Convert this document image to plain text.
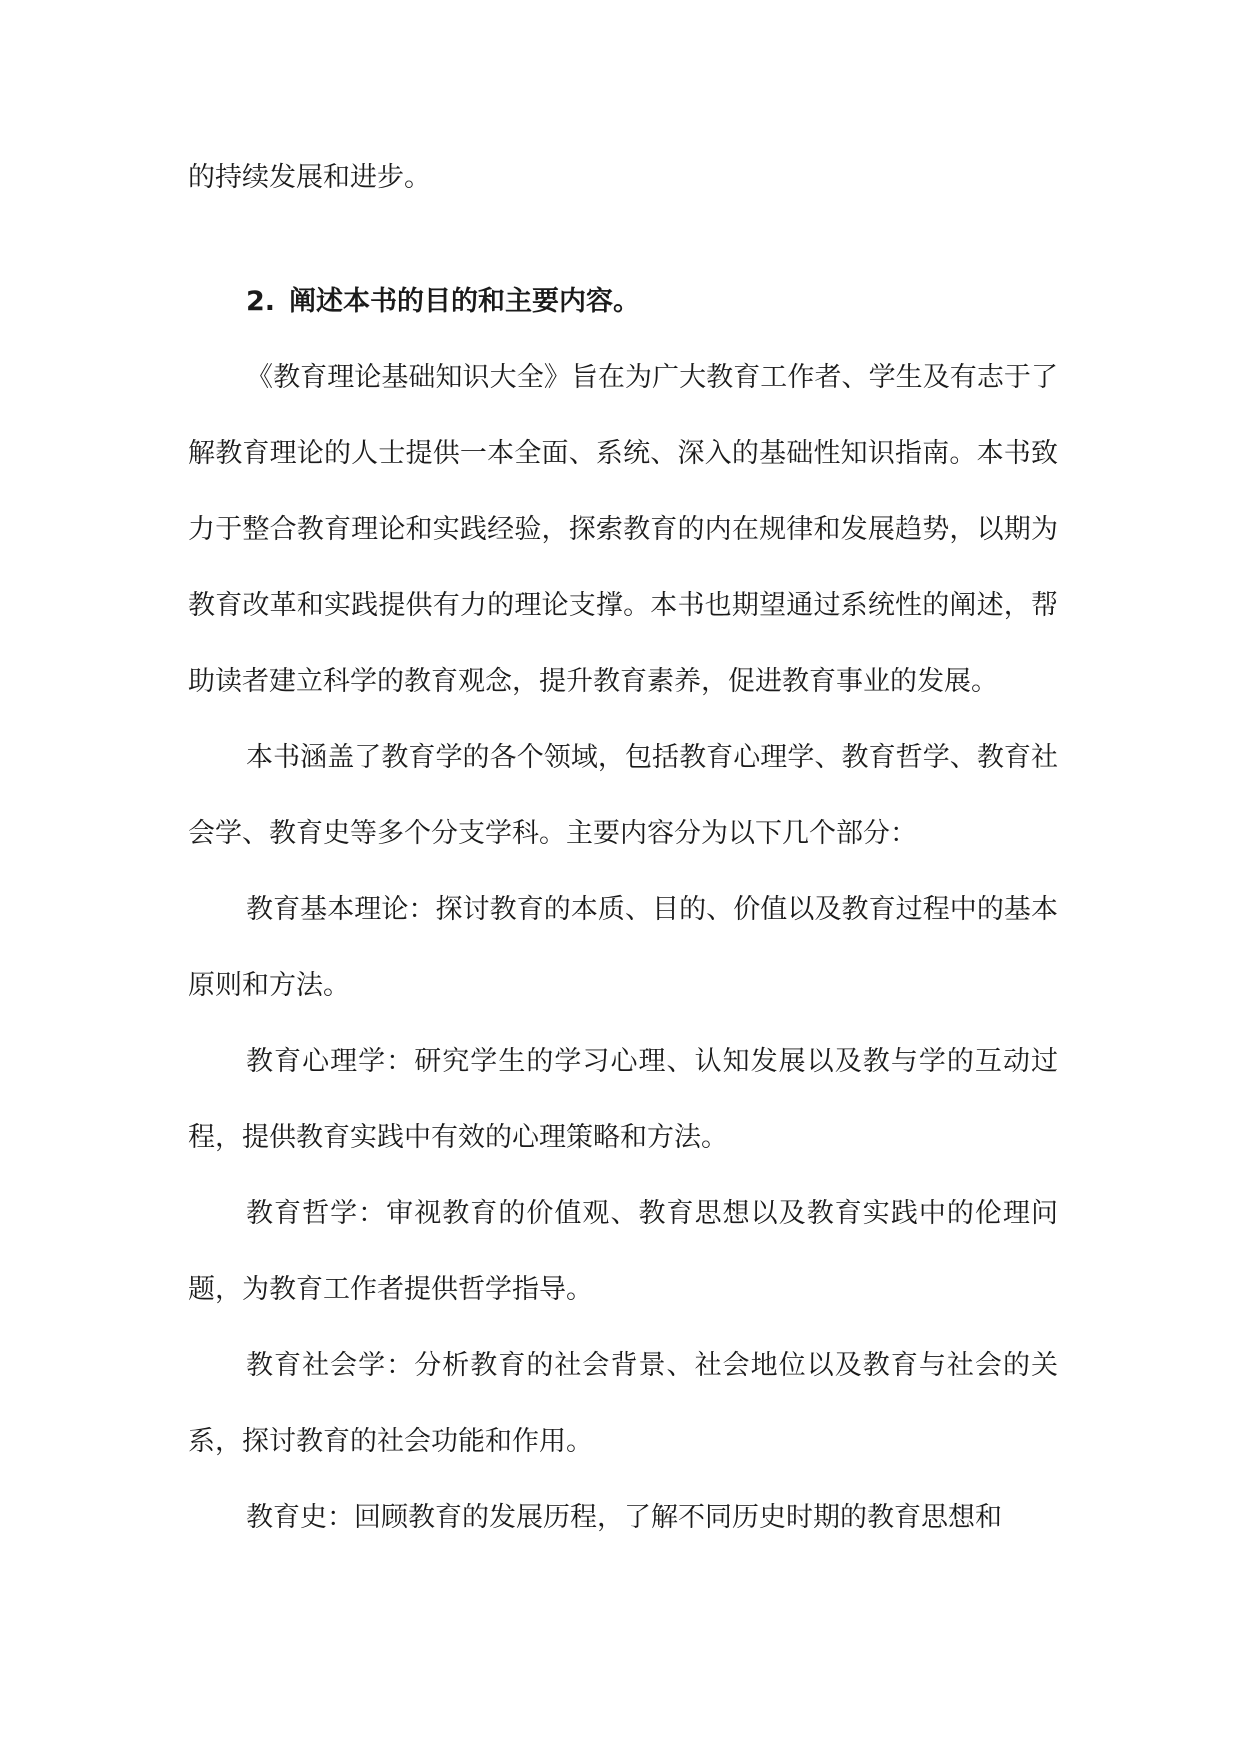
的持续发展和进步。

2. 阐述本书的目的和主要内容。

《教育理论基础知识大全》旨在为广大教育工作者、学生及有志于了解教育理论的人士提供一本全面、系统、深入的基础性知识指南。本书致力于整合教育理论和实践经验，探索教育的内在规律和发展趋势，以期为教育改革和实践提供有力的理论支撑。本书也期望通过系统性的阐述，帮助读者建立科学的教育观念，提升教育素养，促进教育事业的发展。

本书涵盖了教育学的各个领域，包括教育心理学、教育哲学、教育社会学、教育史等多个分支学科。主要内容分为以下几个部分：

教育基本理论：探讨教育的本质、目的、价值以及教育过程中的基本原则和方法。

教育心理学：研究学生的学习心理、认知发展以及教与学的互动过程，提供教育实践中有效的心理策略和方法。

教育哲学：审视教育的价值观、教育思想以及教育实践中的伦理问题，为教育工作者提供哲学指导。

教育社会学：分析教育的社会背景、社会地位以及教育与社会的关系，探讨教育的社会功能和作用。

教育史：回顾教育的发展历程，了解不同历史时期的教育思想和
